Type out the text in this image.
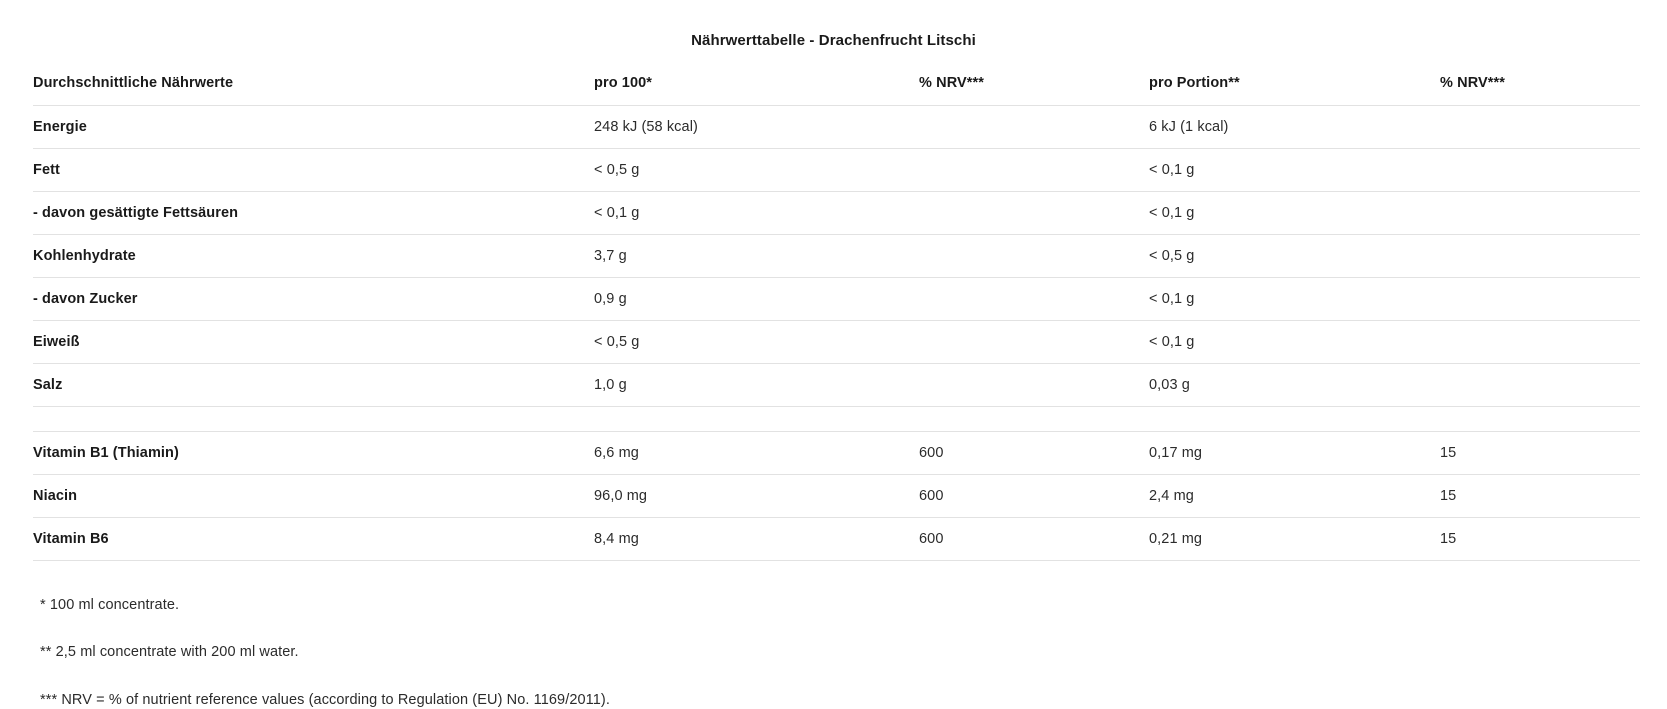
Nährwerttabelle - Drachenfrucht Litschi
Durchschnittliche Nährwerte	pro 100*	% NRV***	pro Portion**	% NRV***
Energie	248 kJ (58 kcal)		6 kJ (1 kcal)	
Fett	< 0,5 g		< 0,1 g	
- davon gesättigte Fettsäuren	< 0,1 g		< 0,1 g	
Kohlenhydrate	3,7 g		< 0,5 g	
- davon Zucker	0,9 g		< 0,1 g	
Eiweiß	< 0,5 g		< 0,1 g	
Salz	1,0 g		0,03 g	

Vitamin B1 (Thiamin)	6,6 mg	600	0,17 mg	15
Niacin	96,0 mg	600	2,4 mg	15
Vitamin B6	8,4 mg	600	0,21 mg	15
* 100 ml concentrate.
** 2,5 ml concentrate with 200 ml water.
*** NRV = % of nutrient reference values (according to Regulation (EU) No. 1169/2011).
